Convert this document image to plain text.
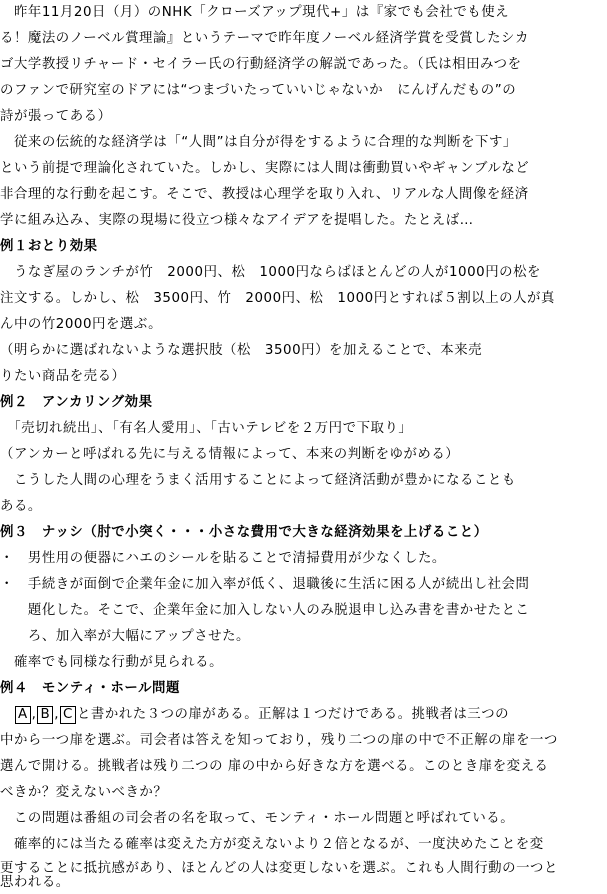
　昨年11月20日（月）のNHK「クローズアップ現代+」は『家でも会社でも使え
る！魔法のノーベル賞理論』というテーマで昨年度ノーベル経済学賞を受賞したシカ
ゴ大学教授リチャード・セイラー氏の行動経済学の解説であった。（氏は相田みつを
のファンで研究室のドアには“つまづいたっていいじゃないか　にんげんだもの”の
詩が張ってある）
　従来の伝統的な経済学は「“人間”は自分が得をするように合理的な判断を下す」
という前提で理論化されていた。しかし、実際には人間は衝動買いやギャンブルなど
非合理的な行動を起こす。そこで、教授は心理学を取り入れ、リアルな人間像を経済
学に組み込み、実際の現場に役立つ様々なアイデアを提唱した。たとえば…
例１おとり効果
　うなぎ屋のランチが竹　2000円、松　1000円ならばほとんどの人が1000円の松を
注文する。しかし、松　3500円、竹　2000円、松　1000円とすれば５割以上の人が真
ん中の竹2000円を選ぶ。
（明らかに選ばれないような選択肢（松　3500円）を加えることで、本来売
りたい商品を売る）
例２　アンカリング効果
　「売切れ続出」、「有名人愛用」、「古いテレビを２万円で下取り」
（アンカーと呼ばれる先に与える情報によって、本来の判断をゆがめる）
　こうした人間の心理をうまく活用することによって経済活動が豊かになることも
ある。
例３　ナッシ（肘で小突く・・・小さな費用で大きな経済効果を上げること）
・　男性用の便器にハエのシールを貼ることで清掃費用が少なくした。
・　手続きが面倒で企業年金に加入率が低く、退職後に生活に困る人が続出し社会問
　　題化した。そこで、企業年金に加入しない人のみ脱退申し込み書を書かせたとこ
　　ろ、加入率が大幅にアップさせた。
　確率でも同様な行動が見られる。
例４　モンティ・ホール問題
　A , B , C と書かれた３つの扉がある。正解は１つだけである。挑戦者は三つの
中から一つ扉を選ぶ。司会者は答えを知っており，残り二つの扉の中で不正解の扉を一つ
選んで開ける。挑戦者は残り二つの 扉の中から好きな方を選べる。このとき扉を変える
べきか？変えないべきか？
　この問題は番組の司会者の名を取って、モンティ・ホール問題と呼ばれている。
　確率的には当たる確率は変えた方が変えないより２倍となるが、一度決めたことを変
更することに抵抗感があり、ほとんどの人は変更しないを選ぶ。これも人間行動の一つと
思われる。
